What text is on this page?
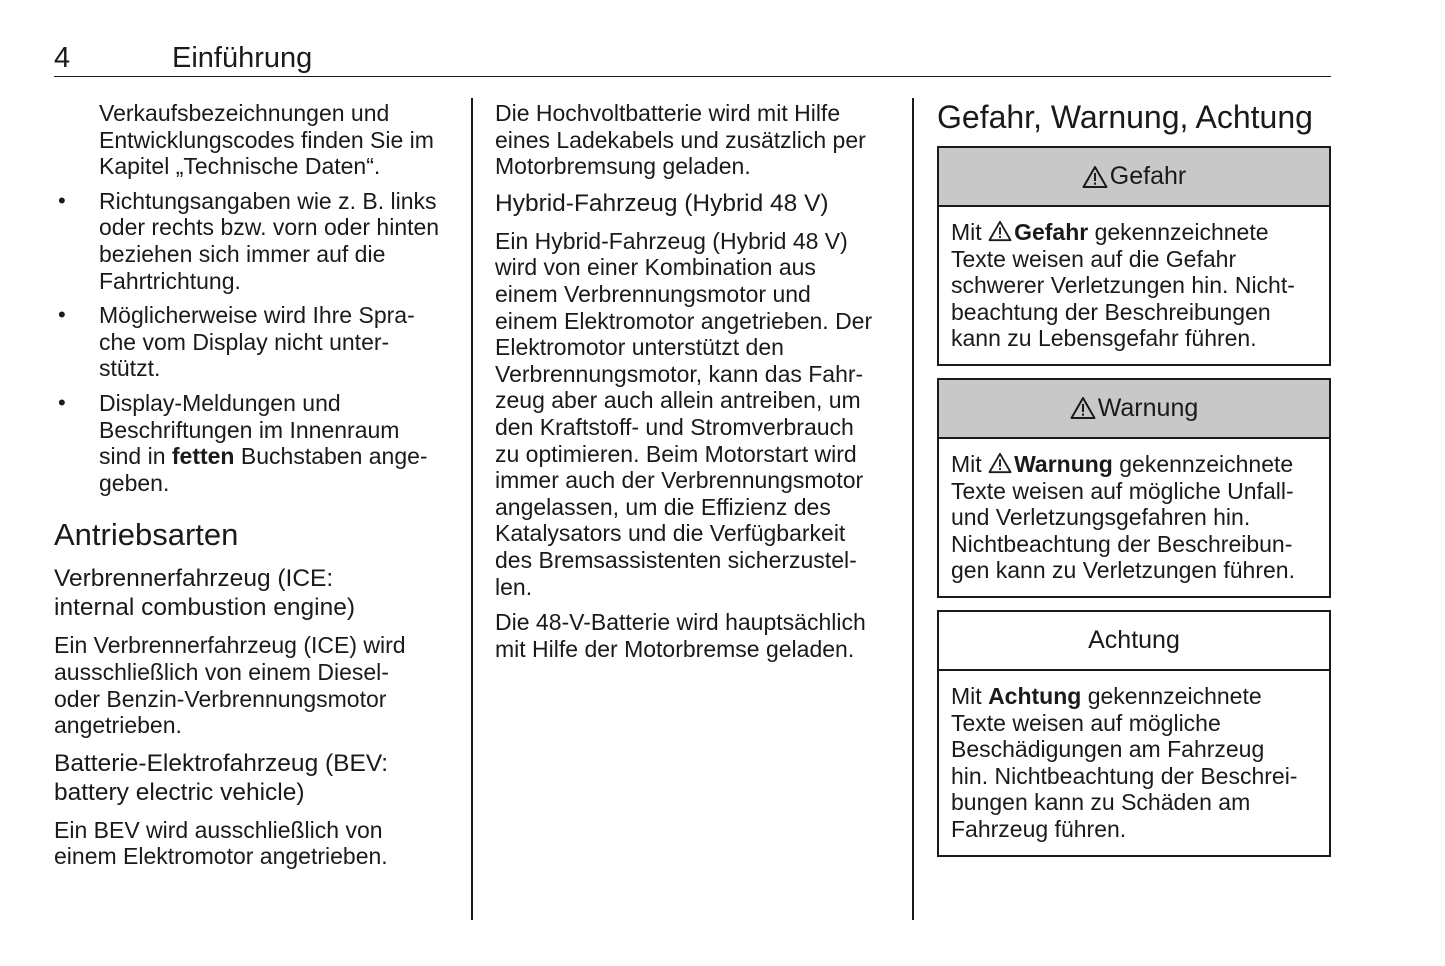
4	Einführung

Verkaufsbezeichnungen und
Entwicklungscodes finden Sie im
Kapitel „Technische Daten“.

• Richtungsangaben wie z. B. links
oder rechts bzw. vorn oder hinten
beziehen sich immer auf die
Fahrtrichtung.
• Möglicherweise wird Ihre Spra-
che vom Display nicht unter-
stützt.
• Display-Meldungen und
Beschriftungen im Innenraum
sind in fetten Buchstaben ange-
geben.
Antriebsarten
Verbrennerfahrzeug (ICE:
internal combustion engine)

Ein Verbrennerfahrzeug (ICE) wird
ausschließlich von einem Diesel-
oder Benzin-Verbrennungsmotor
angetrieben.

Batterie-Elektrofahrzeug (BEV:
battery electric vehicle)

Ein BEV wird ausschließlich von
einem Elektromotor angetrieben.

Die Hochvoltbatterie wird mit Hilfe
eines Ladekabels und zusätzlich per
Motorbremsung geladen.

Hybrid-Fahrzeug (Hybrid 48 V)

Ein Hybrid-Fahrzeug (Hybrid 48 V)
wird von einer Kombination aus
einem Verbrennungsmotor und
einem Elektromotor angetrieben. Der
Elektromotor unterstützt den
Verbrennungsmotor, kann das Fahr-
zeug aber auch allein antreiben, um
den Kraftstoff- und Stromverbrauch
zu optimieren. Beim Motorstart wird
immer auch der Verbrennungsmotor
angelassen, um die Effizienz des
Katalysators und die Verfügbarkeit
des Bremsassistenten sicherzustel-
len.

Die 48-V-Batterie wird hauptsächlich
mit Hilfe der Motorbremse geladen.

Gefahr, Warnung, Achtung
Gefahr
Mit Gefahr gekennzeichnete
Texte weisen auf die Gefahr
schwerer Verletzungen hin. Nicht-
beachtung der Beschreibungen
kann zu Lebensgefahr führen.
Warnung
Mit Warnung gekennzeichnete
Texte weisen auf mögliche Unfall-
und Verletzungsgefahren hin.
Nichtbeachtung der Beschreibun-
gen kann zu Verletzungen führen.
Achtung
Mit Achtung gekennzeichnete
Texte weisen auf mögliche
Beschädigungen am Fahrzeug
hin. Nichtbeachtung der Beschrei-
bungen kann zu Schäden am
Fahrzeug führen.
